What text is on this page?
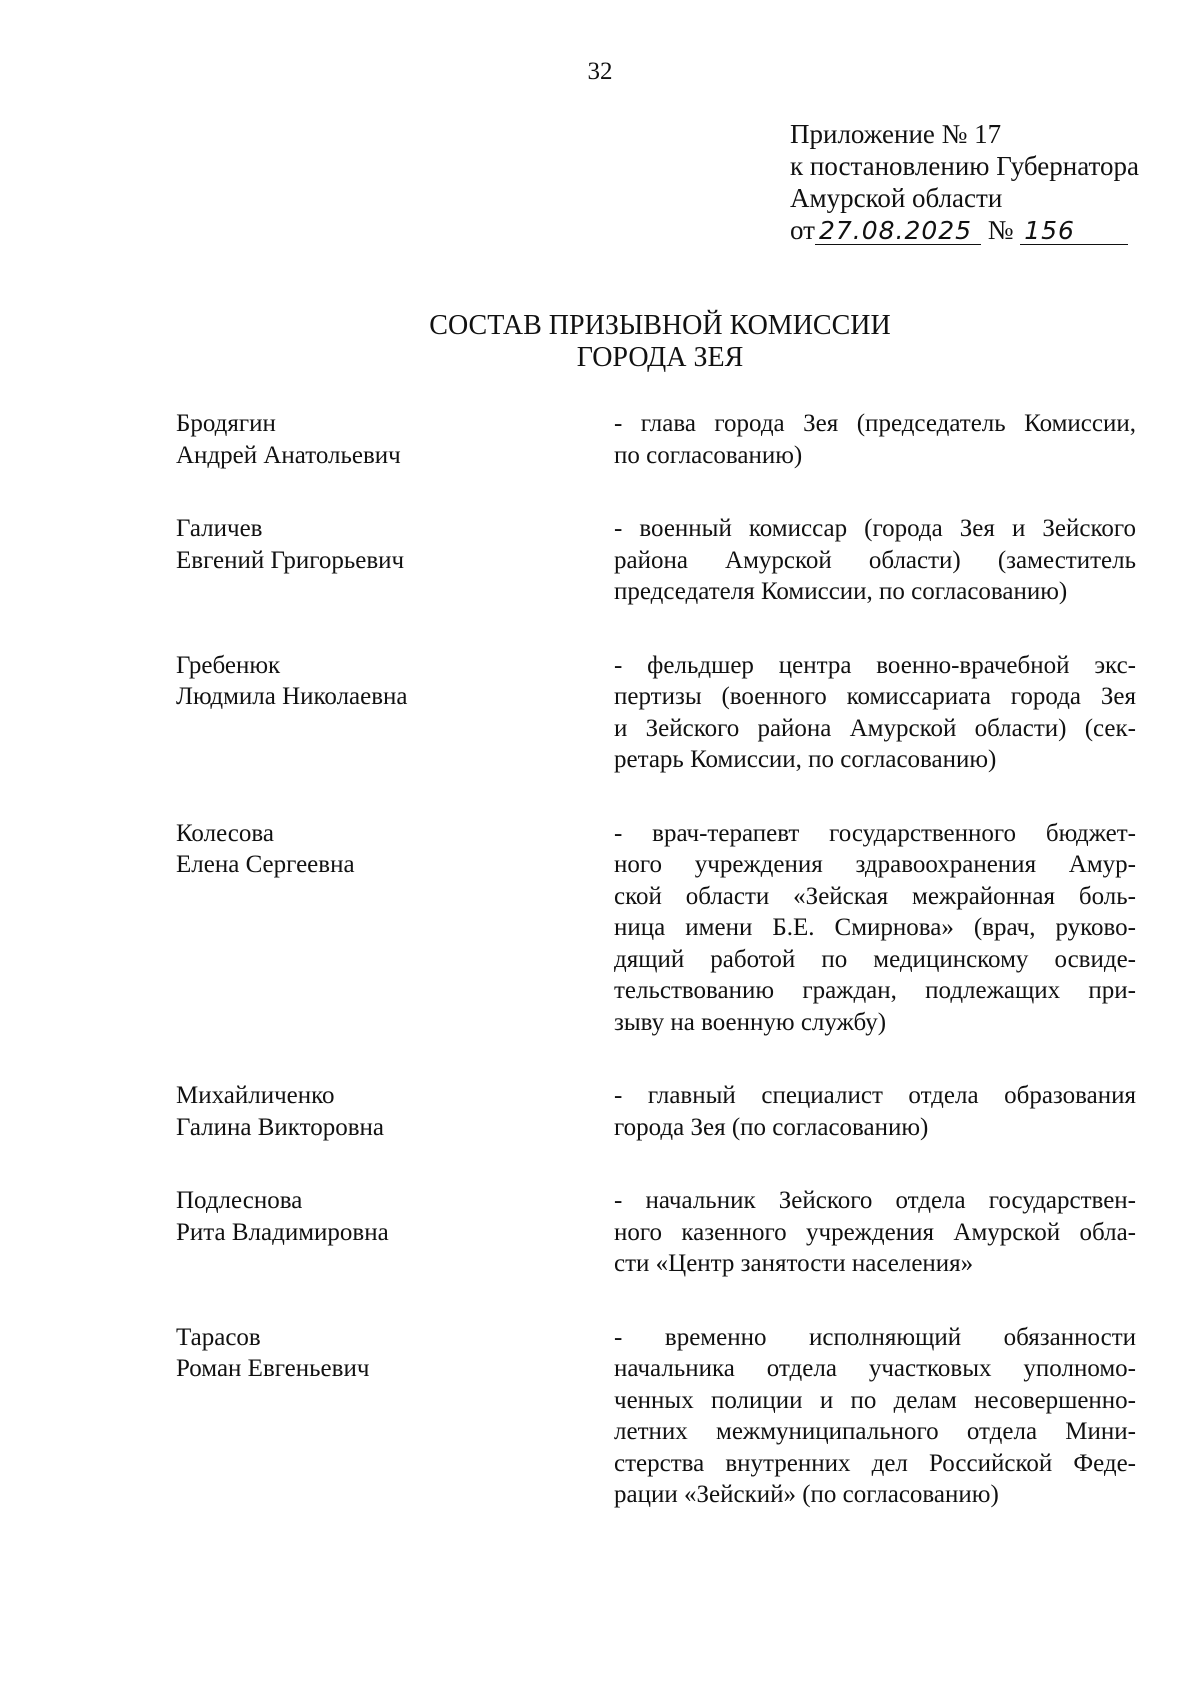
32
Приложение № 17
к постановлению Губернатора
Амурской области
от 27.08.2025 № 156
СОСТАВ ПРИЗЫВНОЙ КОМИССИИ
ГОРОДА ЗЕЯ
Бродягин
Андрей Анатольевич
- глава города Зея (председатель Комиссии,
по согласованию)
Галичев
Евгений Григорьевич
- военный комиссар (города Зея и Зейского
района Амурской области) (заместитель
председателя Комиссии, по согласованию)
Гребенюк
Людмила Николаевна
- фельдшер центра военно-врачебной экс-
пертизы (военного комиссариата города Зея
и Зейского района Амурской области) (сек-
ретарь Комиссии, по согласованию)
Колесова
Елена Сергеевна
- врач-терапевт государственного бюджет-
ного учреждения здравоохранения Амур-
ской области «Зейская межрайонная боль-
ница имени Б.Е. Смирнова» (врач, руково-
дящий работой по медицинскому освиде-
тельствованию граждан, подлежащих при-
зыву на военную службу)
Михайличенко
Галина Викторовна
- главный специалист отдела образования
города Зея (по согласованию)
Подлеснова
Рита Владимировна
- начальник Зейского отдела государствен-
ного казенного учреждения Амурской обла-
сти «Центр занятости населения»
Тарасов
Роман Евгеньевич
- временно исполняющий обязанности
начальника отдела участковых уполномо-
ченных полиции и по делам несовершенно-
летних межмуниципального отдела Мини-
стерства внутренних дел Российской Феде-
рации «Зейский» (по согласованию)
